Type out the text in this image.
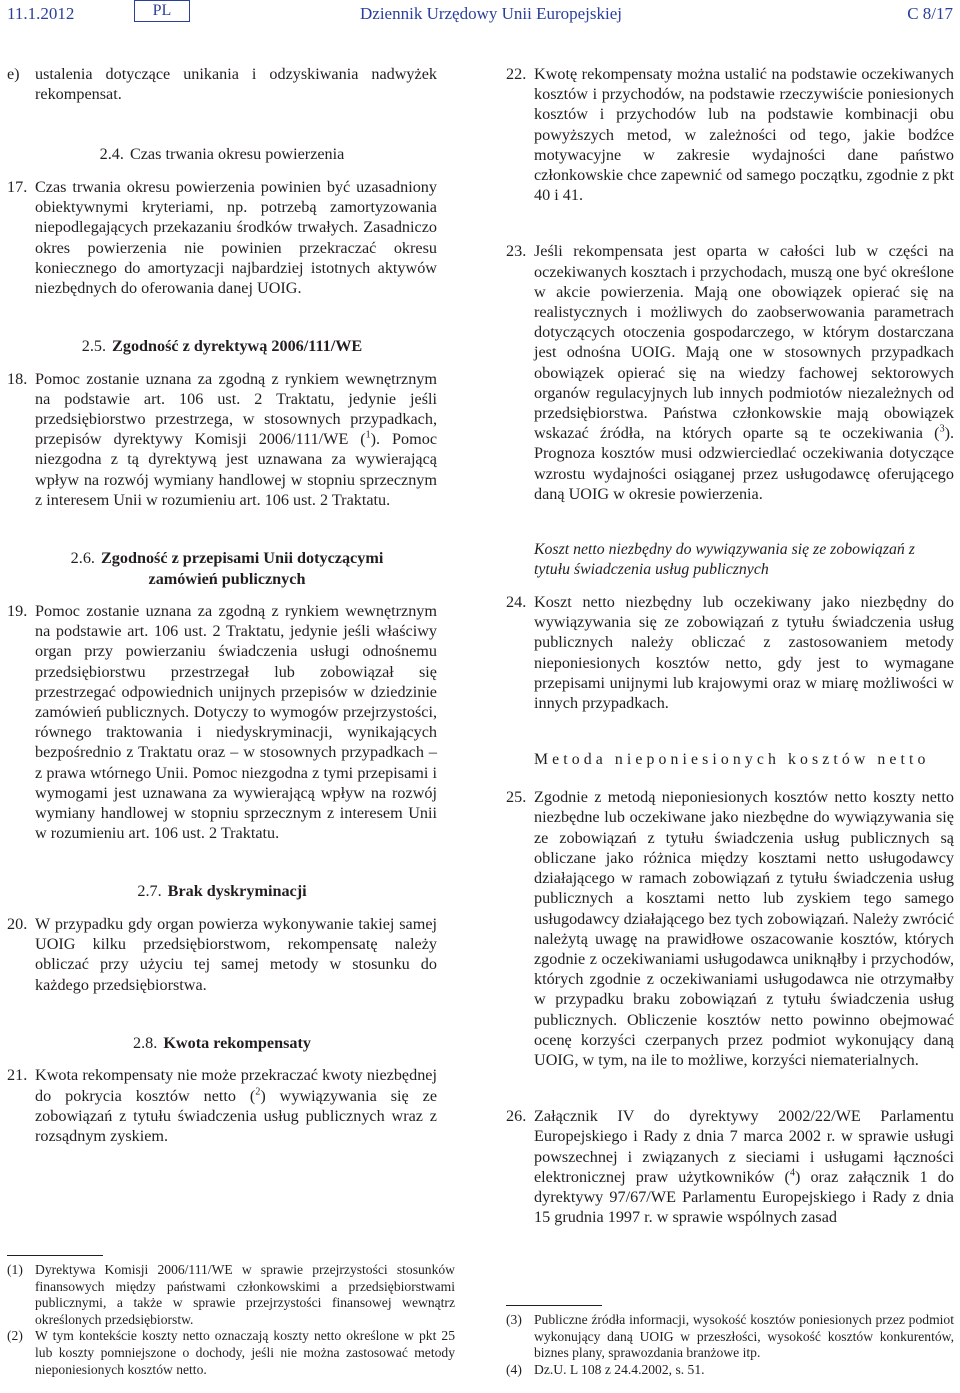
11.1.2012	PL	Dziennik Urzędowy Unii Europejskiej	C 8/17

e) ustalenia dotyczące unikania i odzyskiwania nadwyżek rekompensat.

2.4. Czas trwania okresu powierzenia

17. Czas trwania okresu powierzenia powinien być uzasadniony obiektywnymi kryteriami, np. potrzebą zamortyzowania niepodlegających przekazaniu środków trwałych. Zasadniczo okres powierzenia nie powinien przekraczać okresu koniecznego do amortyzacji najbardziej istotnych aktywów niezbędnych do oferowania danej UOIG.

2.5. Zgodność z dyrektywą 2006/111/WE

18. Pomoc zostanie uznana za zgodną z rynkiem wewnętrznym na podstawie art. 106 ust. 2 Traktatu, jedynie jeśli przedsiębiorstwo przestrzega, w stosownych przypadkach, przepisów dyrektywy Komisji 2006/111/WE ($^1$). Pomoc niezgodna z tą dyrektywą jest uznawana za wywierającą wpływ na rozwój wymiany handlowej w stopniu sprzecznym z interesem Unii w rozumieniu art. 106 ust. 2 Traktatu.

2.6. Zgodność z przepisami Unii dotyczącymi zamówień publicznych

19. Pomoc zostanie uznana za zgodną z rynkiem wewnętrznym na podstawie art. 106 ust. 2 Traktatu, jedynie jeśli właściwy organ przy powierzaniu świadczenia usługi odnośnemu przedsiębiorstwu przestrzegał lub zobowiązał się przestrzegać odpowiednich unijnych przepisów w dziedzinie zamówień publicznych. Dotyczy to wymogów przejrzystości, równego traktowania i niedyskryminacji, wynikających bezpośrednio z Traktatu oraz – w stosownych przypadkach – z prawa wtórnego Unii. Pomoc niezgodna z tymi przepisami i wymogami jest uznawana za wywierającą wpływ na rozwój wymiany handlowej w stopniu sprzecznym z interesem Unii w rozumieniu art. 106 ust. 2 Traktatu.

2.7. Brak dyskryminacji

20. W przypadku gdy organ powierza wykonywanie takiej samej UOIG kilku przedsiębiorstwom, rekompensatę należy obliczać przy użyciu tej samej metody w stosunku do każdego przedsiębiorstwa.

2.8. Kwota rekompensaty

21. Kwota rekompensaty nie może przekraczać kwoty niezbędnej do pokrycia kosztów netto ($^2$) wywiązywania się ze zobowiązań z tytułu świadczenia usług publicznych wraz z rozsądnym zyskiem.

(1) Dyrektywa Komisji 2006/111/WE w sprawie przejrzystości stosunków finansowych między państwami członkowskimi a przedsiębiorstwami publicznymi, a także w sprawie przejrzystości finansowej wewnątrz określonych przedsiębiorstw.

(2) W tym kontekście koszty netto oznaczają koszty netto określone w pkt 25 lub koszty pomniejszone o dochody, jeśli nie można zastosować metody nieponiesionych kosztów netto.

22. Kwotę rekompensaty można ustalić na podstawie oczekiwanych kosztów i przychodów, na podstawie rzeczywiście poniesionych kosztów i przychodów lub na podstawie kombinacji obu powyższych metod, w zależności od tego, jakie bodźce motywacyjne w zakresie wydajności dane państwo członkowskie chce zapewnić od samego początku, zgodnie z pkt 40 i 41.

23. Jeśli rekompensata jest oparta w całości lub w części na oczekiwanych kosztach i przychodach, muszą one być określone w akcie powierzenia. Mają one obowiązek opierać się na realistycznych i możliwych do zaobserwowania parametrach dotyczących otoczenia gospodarczego, w którym dostarczana jest odnośna UOIG. Mają one w stosownych przypadkach obowiązek opierać się na wiedzy fachowej sektorowych organów regulacyjnych lub innych podmiotów niezależnych od przedsiębiorstwa. Państwa członkowskie mają obowiązek wskazać źródła, na których oparte są te oczekiwania ($^3$). Prognoza kosztów musi odzwierciedlać oczekiwania dotyczące wzrostu wydajności osiąganej przez usługodawcę oferującego daną UOIG w okresie powierzenia.

Koszt netto niezbędny do wywiązywania się ze zobowiązań z tytułu świadczenia usług publicznych

24. Koszt netto niezbędny lub oczekiwany jako niezbędny do wywiązywania się ze zobowiązań z tytułu świadczenia usług publicznych należy obliczać z zastosowaniem metody nieponiesionych kosztów netto, gdy jest to wymagane przepisami unijnymi lub krajowymi oraz w miarę możliwości w innych przypadkach.

Metoda nieponiesionych kosztów netto

25. Zgodnie z metodą nieponiesionych kosztów netto koszty netto niezbędne lub oczekiwane jako niezbędne do wywiązywania się ze zobowiązań z tytułu świadczenia usług publicznych są obliczane jako różnica między kosztami netto usługodawcy działającego w ramach zobowiązań z tytułu świadczenia usług publicznych a kosztami netto lub zyskiem tego samego usługodawcy działającego bez tych zobowiązań. Należy zwrócić należytą uwagę na prawidłowe oszacowanie kosztów, których zgodnie z oczekiwaniami usługodawca uniknąłby i przychodów, których zgodnie z oczekiwaniami usługodawca nie otrzymałby w przypadku braku zobowiązań z tytułu świadczenia usług publicznych. Obliczenie kosztów netto powinno obejmować ocenę korzyści czerpanych przez podmiot wykonujący daną UOIG, w tym, na ile to możliwe, korzyści niematerialnych.

26. Załącznik IV do dyrektywy 2002/22/WE Parlamentu Europejskiego i Rady z dnia 7 marca 2002 r. w sprawie usługi powszechnej i związanych z sieciami i usługami łączności elektronicznej praw użytkowników ($^4$) oraz załącznik 1 do dyrektywy 97/67/WE Parlamentu Europejskiego i Rady z dnia 15 grudnia 1997 r. w sprawie wspólnych zasad

(3) Publiczne źródła informacji, wysokość kosztów poniesionych przez podmiot wykonujący daną UOIG w przeszłości, wysokość kosztów konkurentów, biznes plany, sprawozdania branżowe itp.

(4) Dz.U. L 108 z 24.4.2002, s. 51.
